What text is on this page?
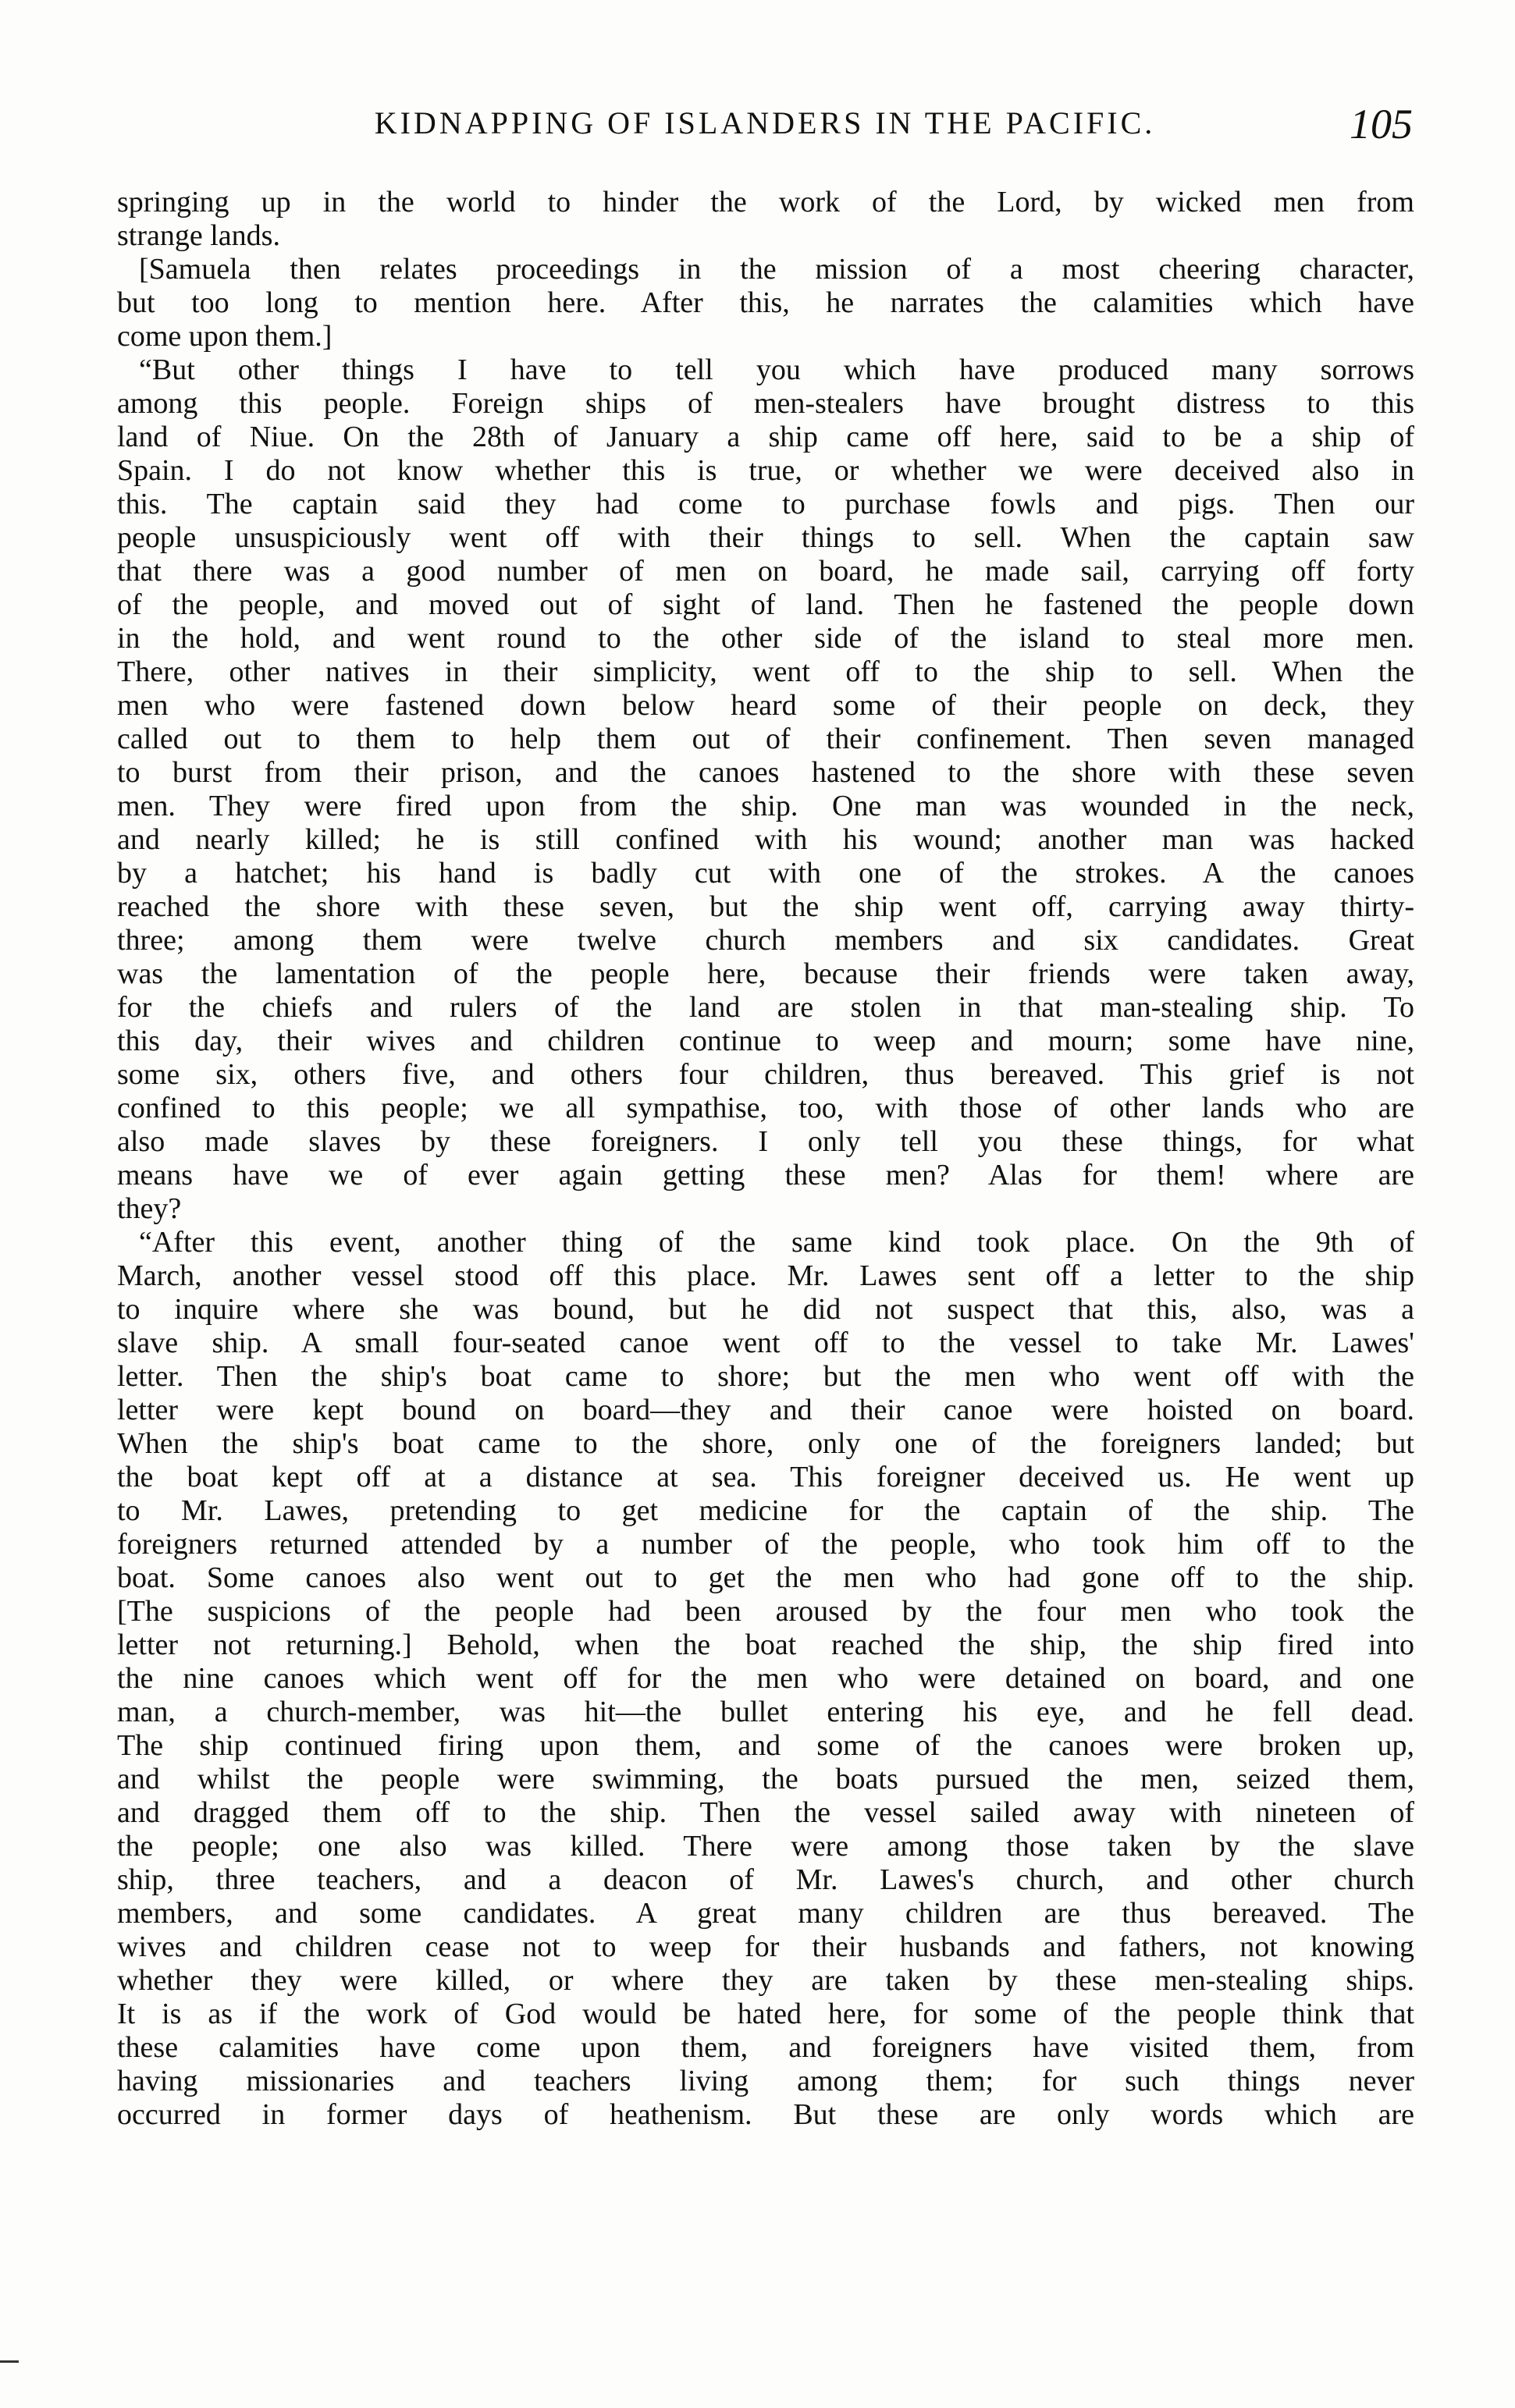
KIDNAPPING OF ISLANDERS IN THE PACIFIC.	105
springing up in the world to hinder the work of the Lord, by wicked men from
strange lands.
[Samuela then relates proceedings in the mission of a most cheering character,
but too long to mention here. After this, he narrates the calamities which have
come upon them.]
“But other things I have to tell you which have produced many sorrows
among this people. Foreign ships of men-stealers have brought distress to this
land of Niue. On the 28th of January a ship came off here, said to be a ship of
Spain. I do not know whether this is true, or whether we were deceived also in
this. The captain said they had come to purchase fowls and pigs. Then our
people unsuspiciously went off with their things to sell. When the captain saw
that there was a good number of men on board, he made sail, carrying off forty
of the people, and moved out of sight of land. Then he fastened the people down
in the hold, and went round to the other side of the island to steal more men.
There, other natives in their simplicity, went off to the ship to sell. When the
men who were fastened down below heard some of their people on deck, they
called out to them to help them out of their confinement. Then seven managed
to burst from their prison, and the canoes hastened to the shore with these seven
men. They were fired upon from the ship. One man was wounded in the neck,
and nearly killed; he is still confined with his wound; another man was hacked
by a hatchet; his hand is badly cut with one of the strokes. A the canoes
reached the shore with these seven, but the ship went off, carrying away thirty-
three; among them were twelve church members and six candidates. Great
was the lamentation of the people here, because their friends were taken away,
for the chiefs and rulers of the land are stolen in that man-stealing ship. To
this day, their wives and children continue to weep and mourn; some have nine,
some six, others five, and others four children, thus bereaved. This grief is not
confined to this people; we all sympathise, too, with those of other lands who are
also made slaves by these foreigners. I only tell you these things, for what
means have we of ever again getting these men? Alas for them! where are
they?
“After this event, another thing of the same kind took place. On the 9th of
March, another vessel stood off this place. Mr. Lawes sent off a letter to the ship
to inquire where she was bound, but he did not suspect that this, also, was a
slave ship. A small four-seated canoe went off to the vessel to take Mr. Lawes'
letter. Then the ship's boat came to shore; but the men who went off with the
letter were kept bound on board—they and their canoe were hoisted on board.
When the ship's boat came to the shore, only one of the foreigners landed; but
the boat kept off at a distance at sea. This foreigner deceived us. He went up
to Mr. Lawes, pretending to get medicine for the captain of the ship. The
foreigners returned attended by a number of the people, who took him off to the
boat. Some canoes also went out to get the men who had gone off to the ship.
[The suspicions of the people had been aroused by the four men who took the
letter not returning.] Behold, when the boat reached the ship, the ship fired into
the nine canoes which went off for the men who were detained on board, and one
man, a church-member, was hit—the bullet entering his eye, and he fell dead.
The ship continued firing upon them, and some of the canoes were broken up,
and whilst the people were swimming, the boats pursued the men, seized them,
and dragged them off to the ship. Then the vessel sailed away with nineteen of
the people; one also was killed. There were among those taken by the slave
ship, three teachers, and a deacon of Mr. Lawes's church, and other church
members, and some candidates. A great many children are thus bereaved. The
wives and children cease not to weep for their husbands and fathers, not knowing
whether they were killed, or where they are taken by these men-stealing ships.
It is as if the work of God would be hated here, for some of the people think that
these calamities have come upon them, and foreigners have visited them, from
having missionaries and teachers living among them; for such things never
occurred in former days of heathenism. But these are only words which are
